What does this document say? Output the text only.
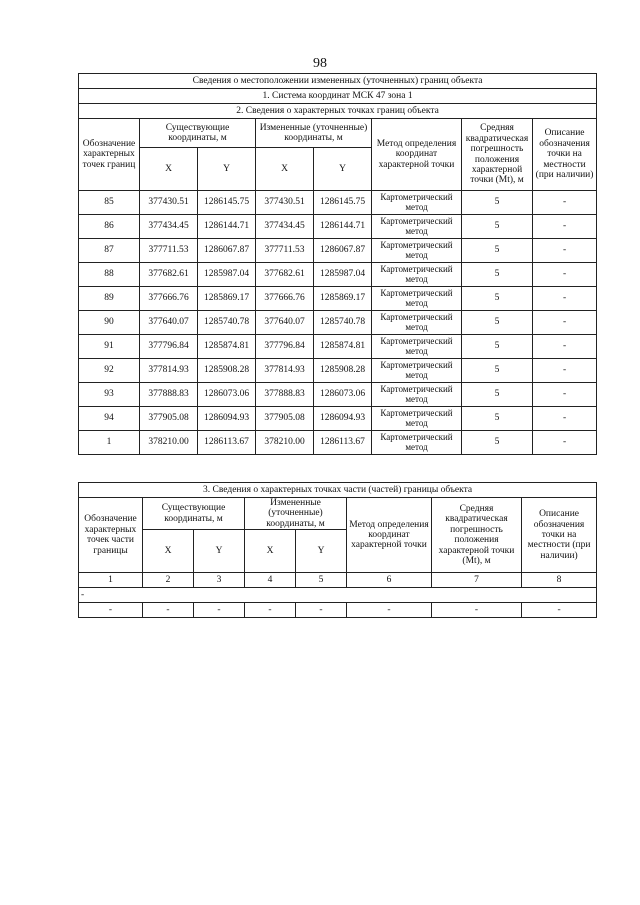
98
Сведения о местоположении измененных (уточненных) границ объекта							
1. Система координат МСК 47 зона 1							
2. Сведения о характерных точках границ объекта							
Обозначение характерных точек границ	Существующие координаты, м		Измененные (уточненные) координаты, м		Метод определения координат характерной точки	Средняя квадратическая погрешность положения характерной точки (Mt), м	Описание обозначения точки на местности (при наличии)
	X	Y	X	Y			
85	377430.51	1286145.75	377430.51	1286145.75	Картометрический метод	5	-
86	377434.45	1286144.71	377434.45	1286144.71	Картометрический метод	5	-
87	377711.53	1286067.87	377711.53	1286067.87	Картометрический метод	5	-
88	377682.61	1285987.04	377682.61	1285987.04	Картометрический метод	5	-
89	377666.76	1285869.17	377666.76	1285869.17	Картометрический метод	5	-
90	377640.07	1285740.78	377640.07	1285740.78	Картометрический метод	5	-
91	377796.84	1285874.81	377796.84	1285874.81	Картометрический метод	5	-
92	377814.93	1285908.28	377814.93	1285908.28	Картометрический метод	5	-
93	377888.83	1286073.06	377888.83	1286073.06	Картометрический метод	5	-
94	377905.08	1286094.93	377905.08	1286094.93	Картометрический метод	5	-
1	378210.00	1286113.67	378210.00	1286113.67	Картометрический метод	5	-
3. Сведения о характерных точках части (частей) границы объекта							
Обозначение характерных точек части границы	Существующие координаты, м		Измененные (уточненные) координаты, м		Метод определения координат характерной точки	Средняя квадратическая погрешность положения характерной точки (Mt), м	Описание обозначения точки на местности (при наличии)
	X	Y	X	Y			
1	2	3	4	5	6	7	8
-							
-	-	-	-	-	-	-	-
